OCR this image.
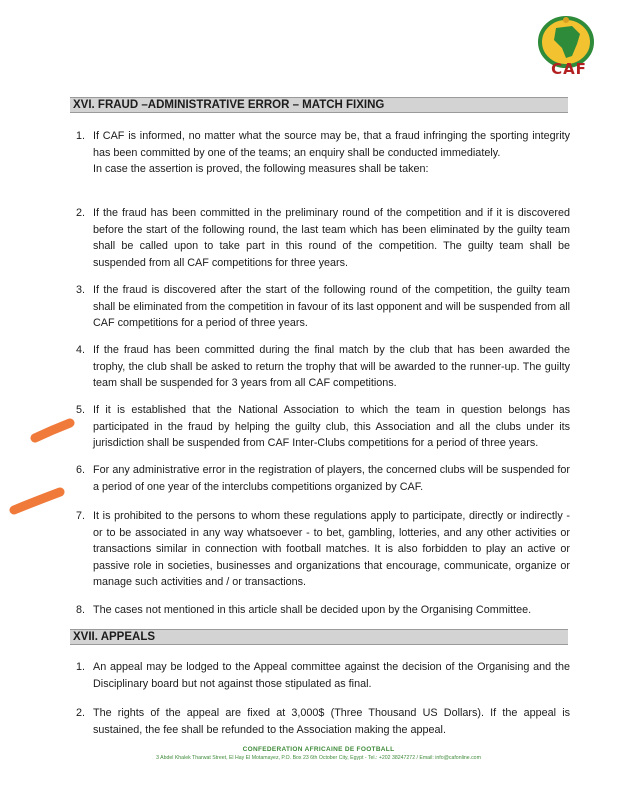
CAF
XVI. FRAUD –ADMINISTRATIVE ERROR – MATCH FIXING
1. If CAF is informed, no matter what the source may be, that a fraud infringing the sporting integrity has been committed by one of the teams; an enquiry shall be conducted immediately.

In case the assertion is proved, the following measures shall be taken:

2. If the fraud has been committed in the preliminary round of the competition and if it is discovered before the start of the following round, the last team which has been eliminated by the guilty team shall be called upon to take part in this round of the competition. The guilty team shall be suspended from all CAF competitions for three years.

3. If the fraud is discovered after the start of the following round of the competition, the guilty team shall be eliminated from the competition in favour of its last opponent and will be suspended from all CAF competitions for a period of three years.

4. If the fraud has been committed during the final match by the club that has been awarded the trophy, the club shall be asked to return the trophy that will be awarded to the runner-up. The guilty team shall be suspended for 3 years from all CAF competitions.

5. If it is established that the National Association to which the team in question belongs has participated in the fraud by helping the guilty club, this Association and all the clubs under its jurisdiction shall be suspended from CAF Inter-Clubs competitions for a period of three years.

6. For any administrative error in the registration of players, the concerned clubs will be suspended for a period of one year of the interclubs competitions organized by CAF.

7. It is prohibited to the persons to whom these regulations apply to participate, directly or indirectly - or to be associated in any way whatsoever - to bet, gambling, lotteries, and any other activities or transactions similar in connection with football matches. It is also forbidden to play an active or passive role in societies, businesses and organizations that encourage, communicate, organize or manage such activities and / or transactions.

8. The cases not mentioned in this article shall be decided upon by the Organising Committee.

XVII. APPEALS
1. An appeal may be lodged to the Appeal committee against the decision of the Organising and the Disciplinary board but not against those stipulated as final.

2. The rights of the appeal are fixed at 3,000$ (Three Thousand US Dollars). If the appeal is sustained, the fee shall be refunded to the Association making the appeal.

CONFEDERATION AFRICAINE DE FOOTBALL
3 Abdel Khalek Tharwat Street, El Hay El Motamayez, P.O. Box 23 6th October City, Egypt - Tel.: +202 38247272 / Email: info@cafonline.com
